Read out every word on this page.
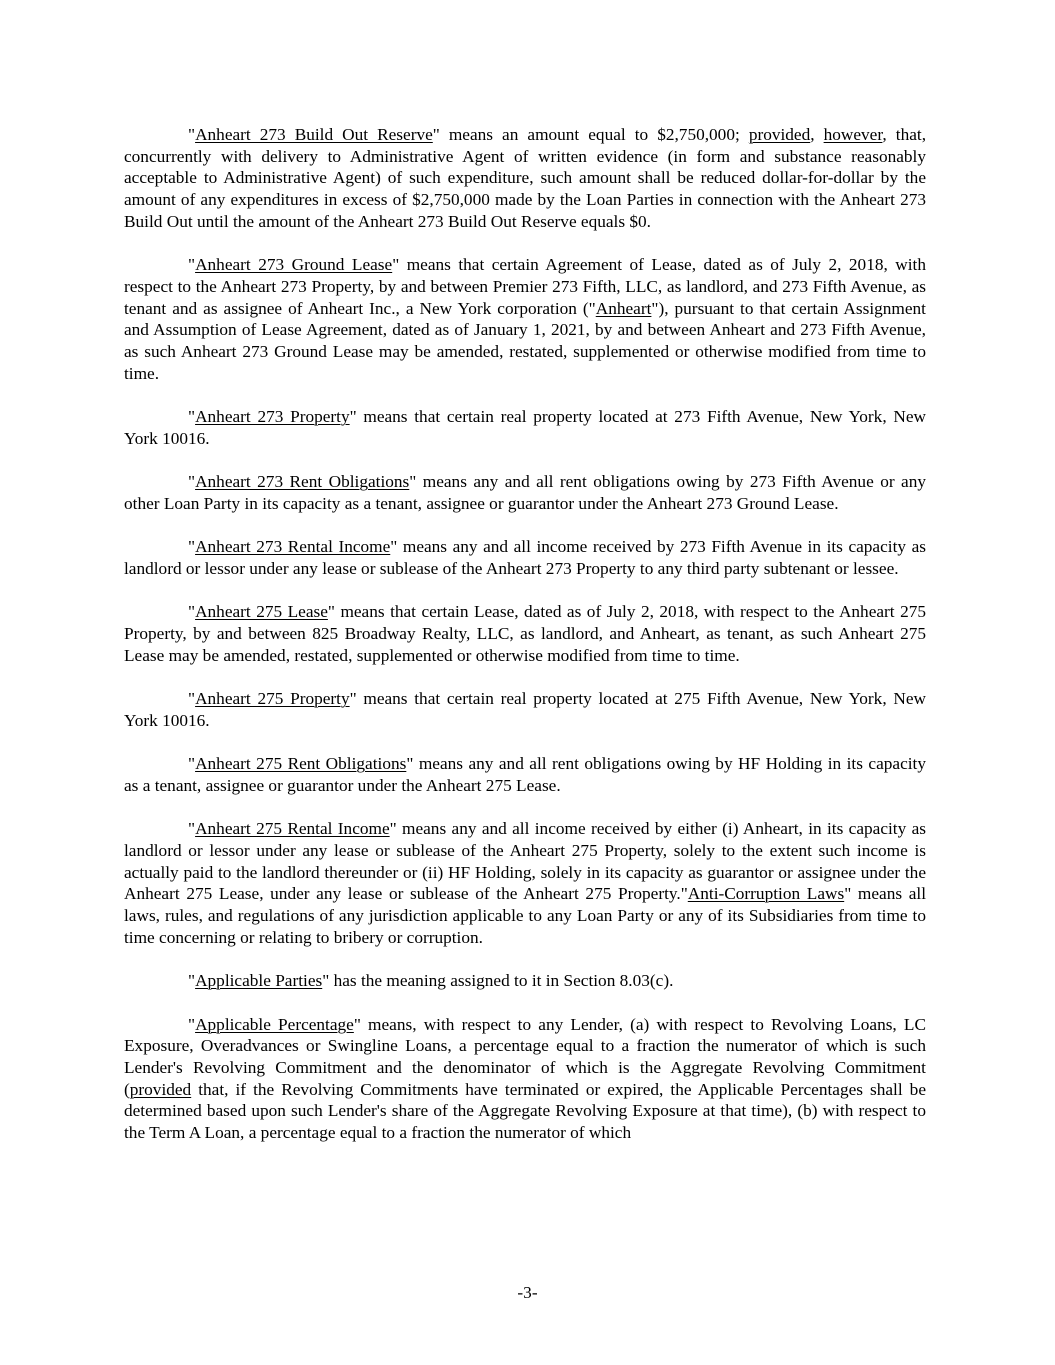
"Anheart 273 Build Out Reserve" means an amount equal to $2,750,000; provided, however, that, concurrently with delivery to Administrative Agent of written evidence (in form and substance reasonably acceptable to Administrative Agent) of such expenditure, such amount shall be reduced dollar-for-dollar by the amount of any expenditures in excess of $2,750,000 made by the Loan Parties in connection with the Anheart 273 Build Out until the amount of the Anheart 273 Build Out Reserve equals $0.

"Anheart 273 Ground Lease" means that certain Agreement of Lease, dated as of July 2, 2018, with respect to the Anheart 273 Property, by and between Premier 273 Fifth, LLC, as landlord, and 273 Fifth Avenue, as tenant and as assignee of Anheart Inc., a New York corporation ("Anheart"), pursuant to that certain Assignment and Assumption of Lease Agreement, dated as of January 1, 2021, by and between Anheart and 273 Fifth Avenue, as such Anheart 273 Ground Lease may be amended, restated, supplemented or otherwise modified from time to time.

"Anheart 273 Property" means that certain real property located at 273 Fifth Avenue, New York, New York 10016.

"Anheart 273 Rent Obligations" means any and all rent obligations owing by 273 Fifth Avenue or any other Loan Party in its capacity as a tenant, assignee or guarantor under the Anheart 273 Ground Lease.

"Anheart 273 Rental Income" means any and all income received by 273 Fifth Avenue in its capacity as landlord or lessor under any lease or sublease of the Anheart 273 Property to any third party subtenant or lessee.

"Anheart 275 Lease" means that certain Lease, dated as of July 2, 2018, with respect to the Anheart 275 Property, by and between 825 Broadway Realty, LLC, as landlord, and Anheart, as tenant, as such Anheart 275 Lease may be amended, restated, supplemented or otherwise modified from time to time.

"Anheart 275 Property" means that certain real property located at 275 Fifth Avenue, New York, New York 10016.

"Anheart 275 Rent Obligations" means any and all rent obligations owing by HF Holding in its capacity as a tenant, assignee or guarantor under the Anheart 275 Lease.

"Anheart 275 Rental Income" means any and all income received by either (i) Anheart, in its capacity as landlord or lessor under any lease or sublease of the Anheart 275 Property, solely to the extent such income is actually paid to the landlord thereunder or (ii) HF Holding, solely in its capacity as guarantor or assignee under the Anheart 275 Lease, under any lease or sublease of the Anheart 275 Property."Anti-Corruption Laws" means all laws, rules, and regulations of any jurisdiction applicable to any Loan Party or any of its Subsidiaries from time to time concerning or relating to bribery or corruption.

"Applicable Parties" has the meaning assigned to it in Section 8.03(c).

"Applicable Percentage" means, with respect to any Lender, (a) with respect to Revolving Loans, LC Exposure, Overadvances or Swingline Loans, a percentage equal to a fraction the numerator of which is such Lender's Revolving Commitment and the denominator of which is the Aggregate Revolving Commitment (provided that, if the Revolving Commitments have terminated or expired, the Applicable Percentages shall be determined based upon such Lender's share of the Aggregate Revolving Exposure at that time), (b) with respect to the Term A Loan, a percentage equal to a fraction the numerator of which

-3-
